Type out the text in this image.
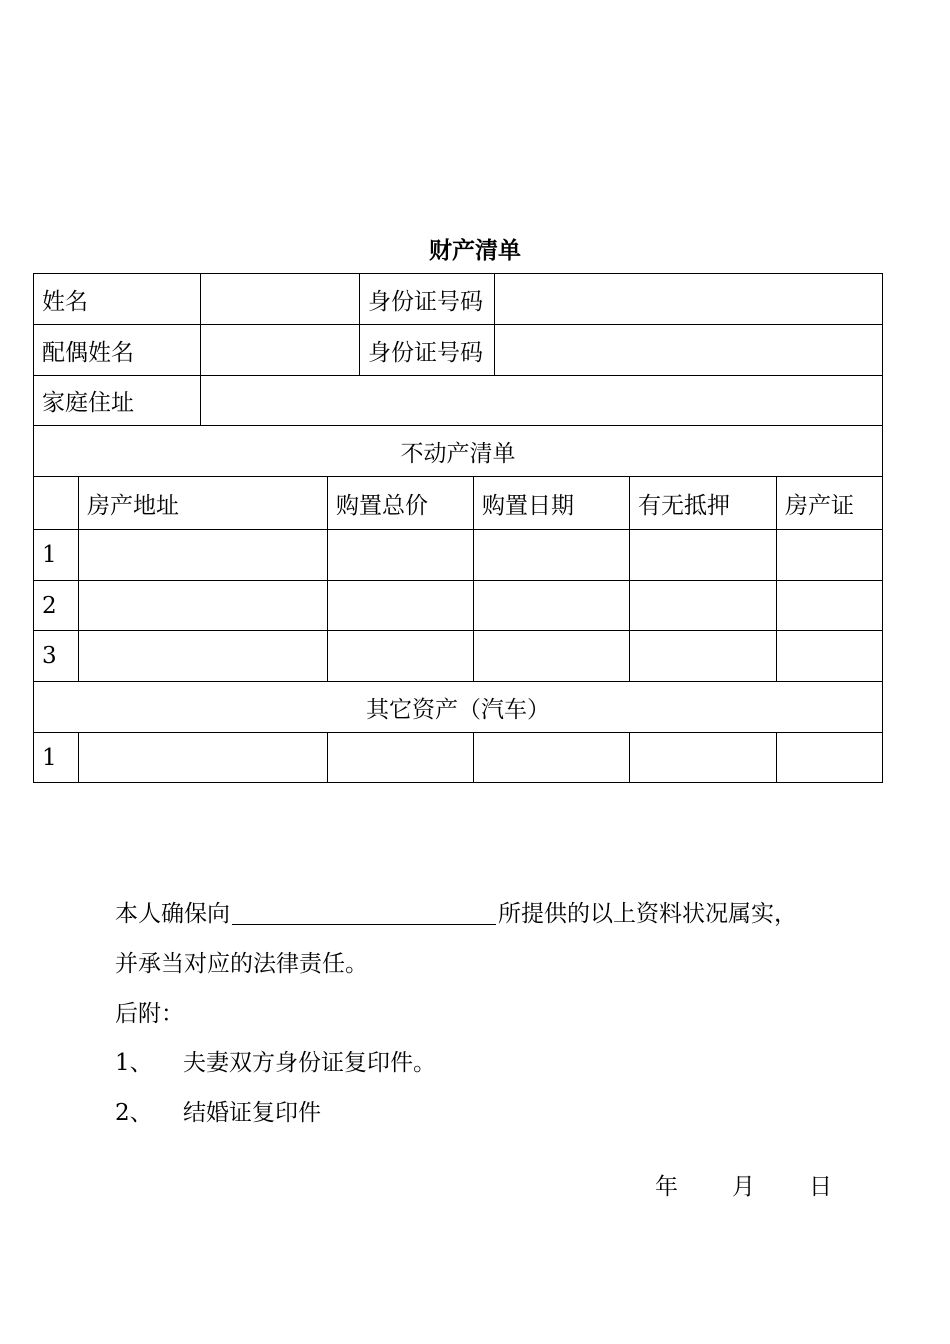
财产清单
姓名				身份证号码				
配偶姓名				身份证号码				
家庭住址								
不动产清单								
	房产地址		购置总价		购置日期		有无抵押	房产证
1								
2								
3								
其它资产（汽车）								
1								
本人确保向	所提供的以上资料状况属实，
并承当对应的法律责任。
后附：
1、 夫妻双方身份证复印件。
2、 结婚证复印件
年 月 日
